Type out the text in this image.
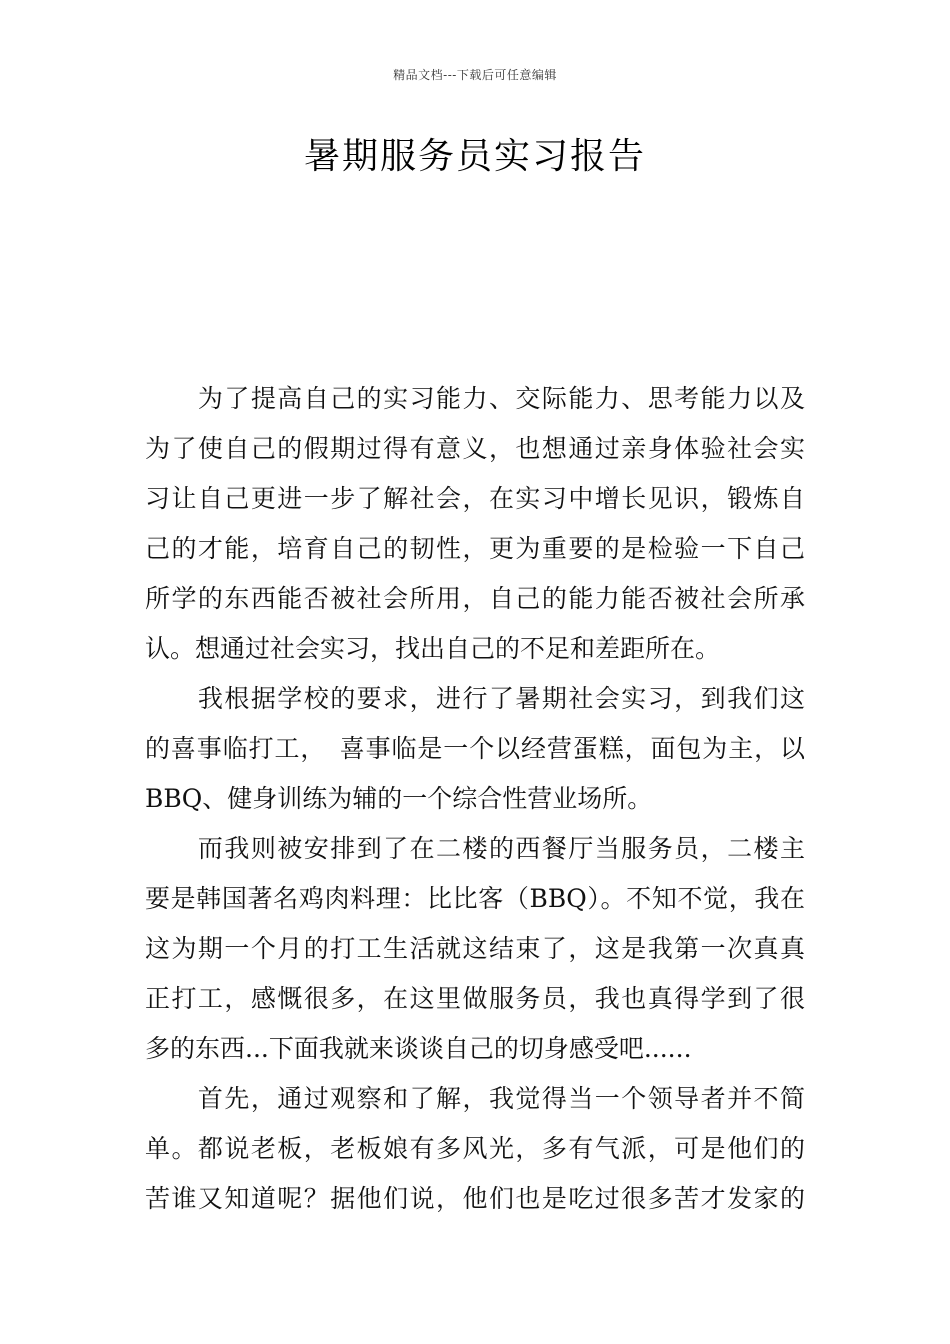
精品文档---下载后可任意编辑
暑期服务员实习报告
　　为了提高自己的实习能力、交际能力、思考能力以及
为了使自己的假期过得有意义，也想通过亲身体验社会实
习让自己更进一步了解社会，在实习中增长见识，锻炼自
己的才能，培育自己的韧性，更为重要的是检验一下自己
所学的东西能否被社会所用，自己的能力能否被社会所承
认。想通过社会实习，找出自己的不足和差距所在。
　　我根据学校的要求，进行了暑期社会实习，到我们这
的喜事临打工，　喜事临是一个以经营蛋糕，面包为主，以
BBQ、健身训练为辅的一个综合性营业场所。
　　而我则被安排到了在二楼的西餐厅当服务员，二楼主
要是韩国著名鸡肉料理：比比客（BBQ）。不知不觉，我在
这为期一个月的打工生活就这结束了，这是我第一次真真
正打工，感慨很多，在这里做服务员，我也真得学到了很
多的东西...下面我就来谈谈自己的切身感受吧......
　　首先，通过观察和了解，我觉得当一个领导者并不简
单。都说老板，老板娘有多风光，多有气派，可是他们的
苦谁又知道呢？据他们说，他们也是吃过很多苦才发家的
